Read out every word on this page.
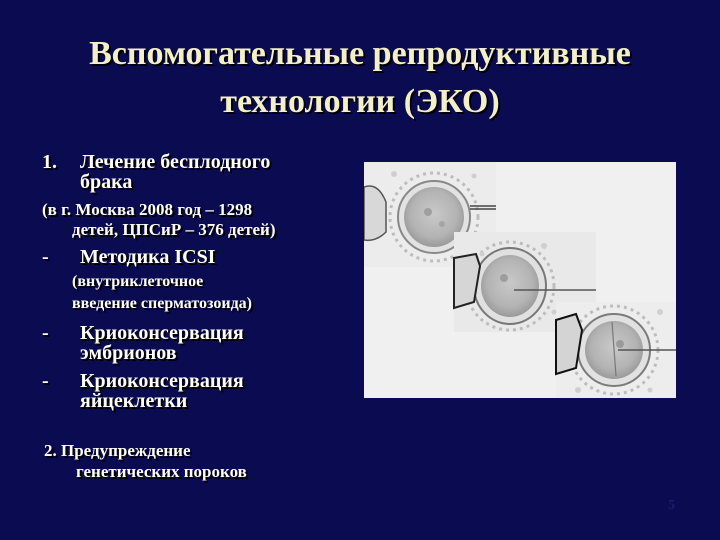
Вспомогательные репродуктивные
технологии (ЭКО)
1. Лечение бесплодного
брака
(в г. Москва 2008 год – 1298
детей, ЦПСиР – 376 детей)
- Методика ICSI
(внутриклеточное
введение сперматозоида)
- Криоконсервация
эмбрионов
- Криоконсервация
яйцеклетки
2. Предупреждение
генетических пороков
5
